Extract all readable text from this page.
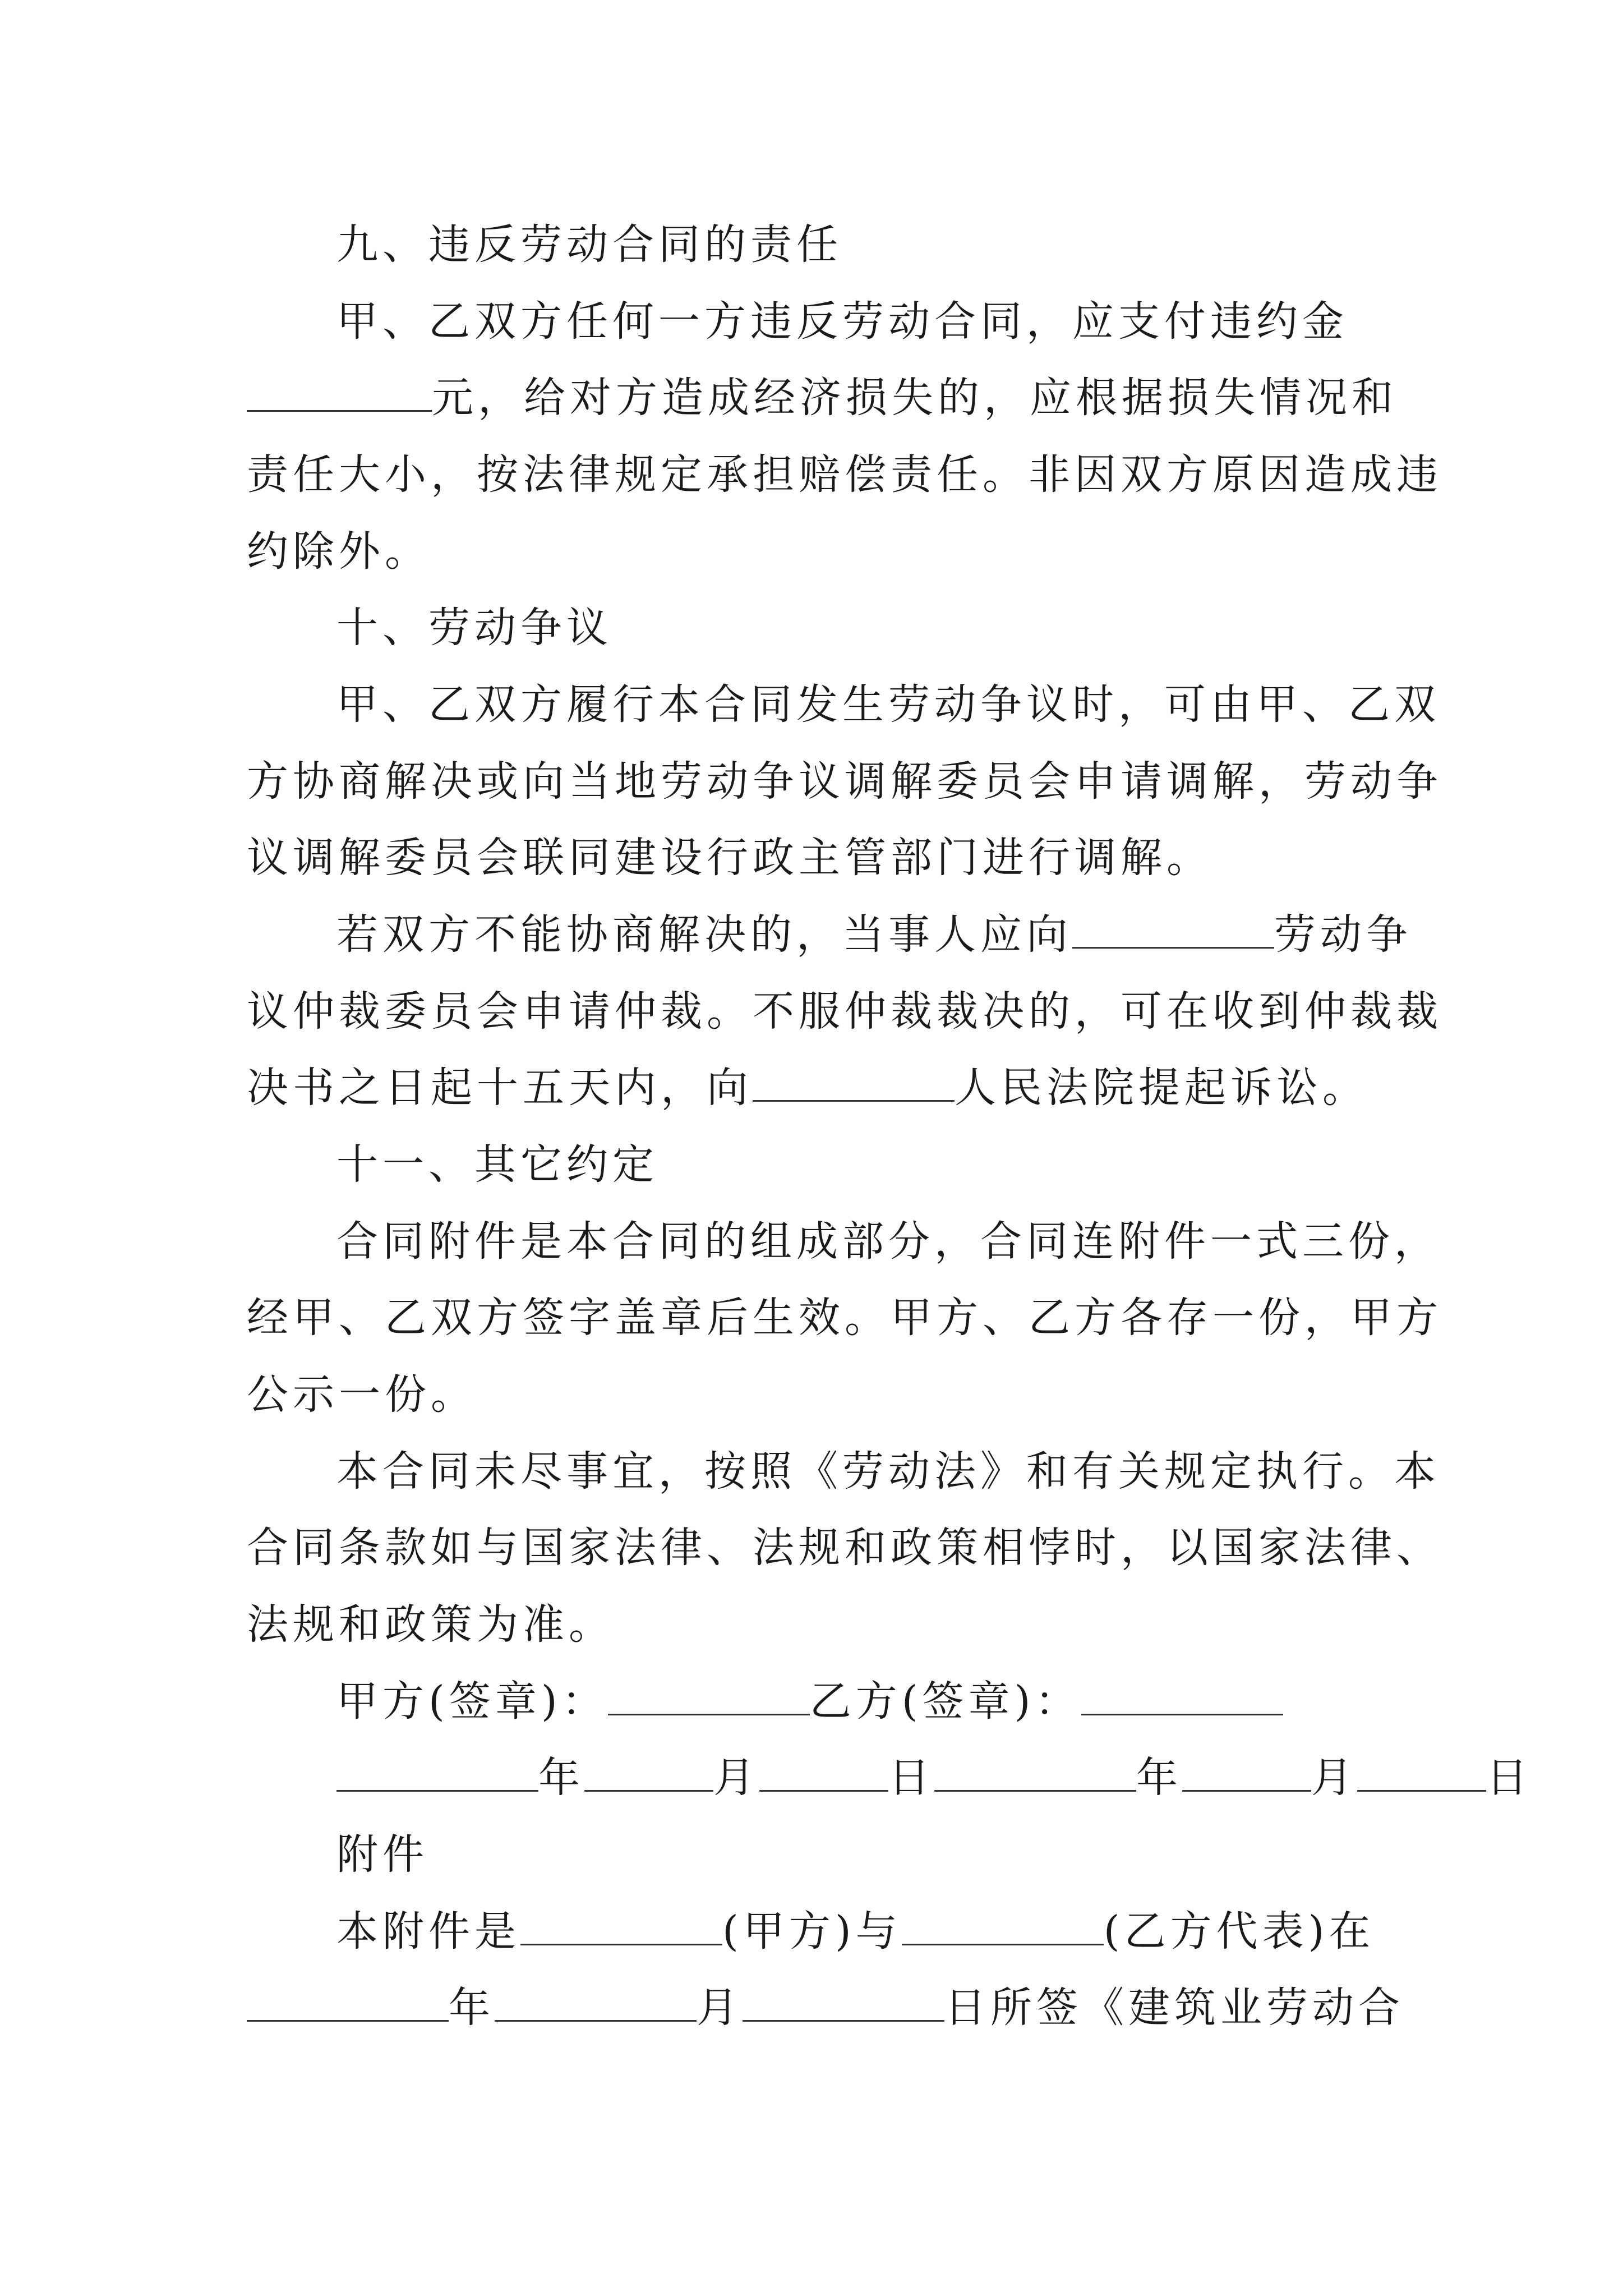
九、违反劳动合同的责任
甲、乙双方任何一方违反劳动合同，应支付违约金
元，给对方造成经济损失的，应根据损失情况和
责任大小，按法律规定承担赔偿责任。非因双方原因造成违
约除外。
十、劳动争议
甲、乙双方履行本合同发生劳动争议时，可由甲、乙双
方协商解决或向当地劳动争议调解委员会申请调解，劳动争
议调解委员会联同建设行政主管部门进行调解。
若双方不能协商解决的，当事人应向	劳动争
议仲裁委员会申请仲裁。不服仲裁裁决的，可在收到仲裁裁
决书之日起十五天内，向	人民法院提起诉讼。
十一、其它约定
合同附件是本合同的组成部分，合同连附件一式三份，
经甲、乙双方签字盖章后生效。甲方、乙方各存一份，甲方
公示一份。
本合同未尽事宜，按照《劳动法》和有关规定执行。本
合同条款如与国家法律、法规和政策相悖时，以国家法律、
法规和政策为准。
甲方(签章)：	乙方(签章)：
年	月	日	年	月	日
附件
本附件是	(甲方)与	(乙方代表)在
年	月	日所签《建筑业劳动合
